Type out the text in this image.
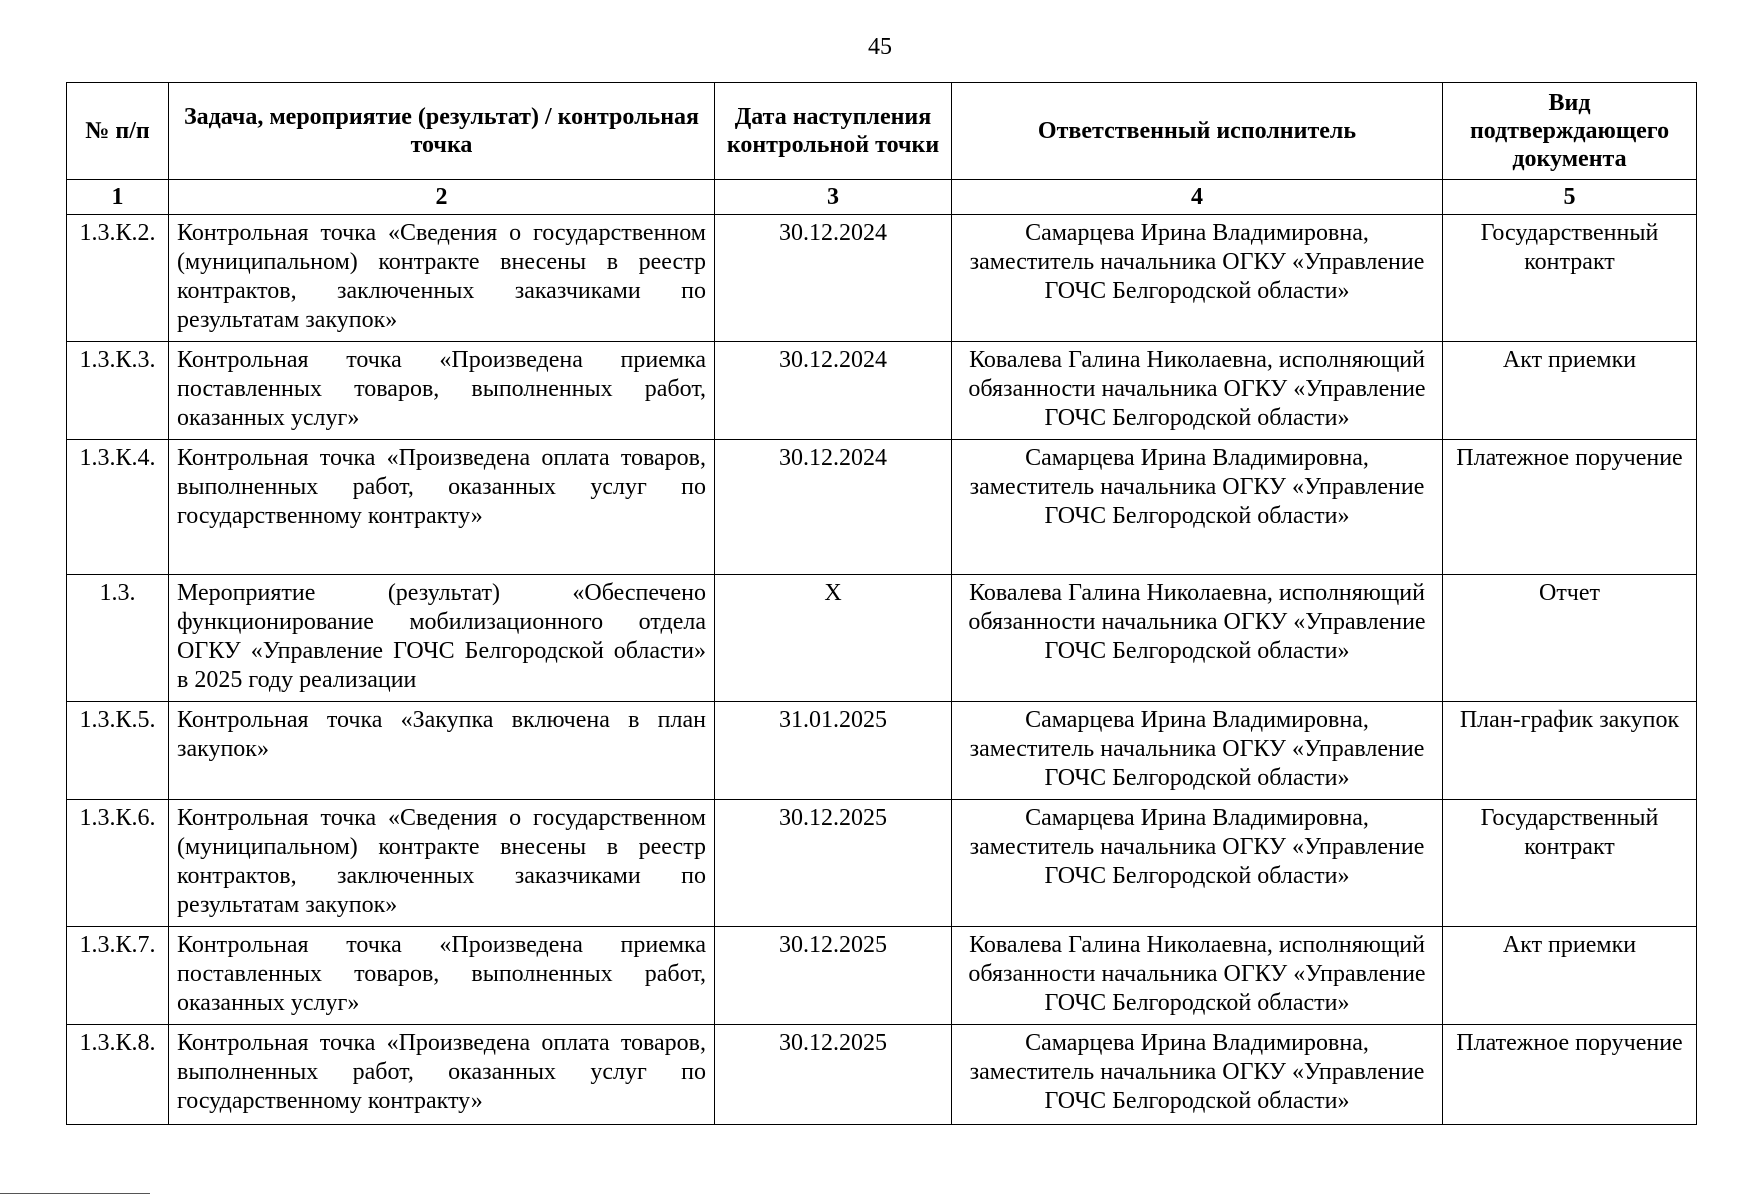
45
№ п/п	Задача, мероприятие (результат) / контрольная точка	Дата наступления контрольной точки	Ответственный исполнитель	Вид подтверждающего документа
1	2	3	4	5
1.3.К.2.	Контрольная точка «Сведения о государственном (муниципальном) контракте внесены в реестр контрактов, заключенных заказчиками по результатам закупок»	30.12.2024	Самарцева Ирина Владимировна, заместитель начальника ОГКУ «Управление ГОЧС Белгородской области»	Государственный контракт
1.3.К.3.	Контрольная точка «Произведена приемка поставленных товаров, выполненных работ, оказанных услуг»	30.12.2024	Ковалева Галина Николаевна, исполняющий обязанности начальника ОГКУ «Управление ГОЧС Белгородской области»	Акт приемки
1.3.К.4.	Контрольная точка «Произведена оплата товаров, выполненных работ, оказанных услуг по государственному контракту»	30.12.2024	Самарцева Ирина Владимировна, заместитель начальника ОГКУ «Управление ГОЧС Белгородской области»	Платежное поручение
1.3.	Мероприятие (результат) «Обеспечено функционирование мобилизационного отдела ОГКУ «Управление ГОЧС Белгородской области» в 2025 году реализации	Х	Ковалева Галина Николаевна, исполняющий обязанности начальника ОГКУ «Управление ГОЧС Белгородской области»	Отчет
1.3.К.5.	Контрольная точка «Закупка включена в план закупок»	31.01.2025	Самарцева Ирина Владимировна, заместитель начальника ОГКУ «Управление ГОЧС Белгородской области»	План-график закупок
1.3.К.6.	Контрольная точка «Сведения о государственном (муниципальном) контракте внесены в реестр контрактов, заключенных заказчиками по результатам закупок»	30.12.2025	Самарцева Ирина Владимировна, заместитель начальника ОГКУ «Управление ГОЧС Белгородской области»	Государственный контракт
1.3.К.7.	Контрольная точка «Произведена приемка поставленных товаров, выполненных работ, оказанных услуг»	30.12.2025	Ковалева Галина Николаевна, исполняющий обязанности начальника ОГКУ «Управление ГОЧС Белгородской области»	Акт приемки
1.3.К.8.	Контрольная точка «Произведена оплата товаров, выполненных работ, оказанных услуг по государственному контракту»	30.12.2025	Самарцева Ирина Владимировна, заместитель начальника ОГКУ «Управление ГОЧС Белгородской области»	Платежное поручение
